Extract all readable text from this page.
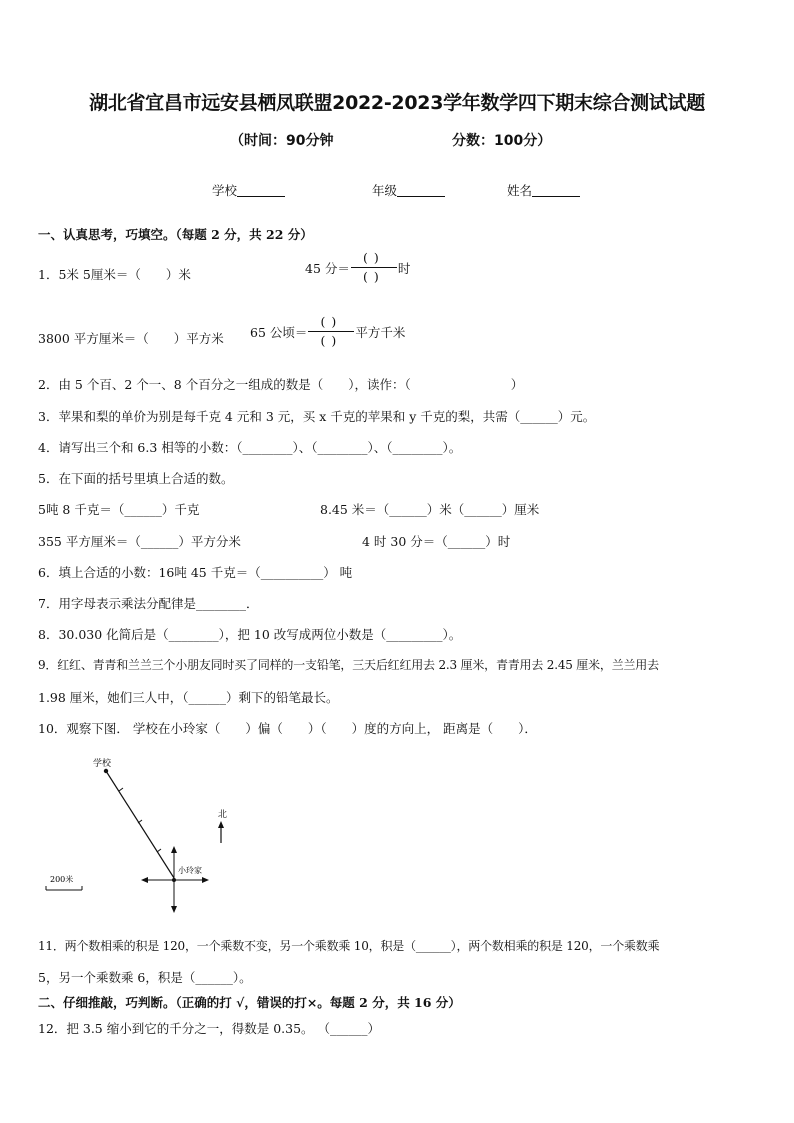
湖北省宜昌市远安县栖凤联盟2022-2023学年数学四下期末综合测试试题
（时间：90分钟	分数：100分）
学校	年级	姓名
一、认真思考，巧填空。（每题 2 分，共 22 分）
1．5米 5厘米＝（　　）米	45 分＝ $\frac{()}{()}$ 时
3800 平方厘米＝（　　）平方米 65 公顷＝ $\frac{()}{()}$ 平方千米
2．由 5 个百、2 个一、8 个百分之一组成的数是（　　），读作：（　　　　　　　　）
3．苹果和梨的单价为别是每千克 4 元和 3 元，买 x 千克的苹果和 y 千克的梨，共需（______）元。
4．请写出三个和 6.3 相等的小数：（________）、（________）、（________）。
5．在下面的括号里填上合适的数。
5吨 8 千克＝（______）千克	8.45 米＝（______）米（______）厘米
355 平方厘米＝（______）平方分米	4 时 30 分＝（______）时
6．填上合适的小数：16吨 45 千克＝（__________） 吨
7．用字母表示乘法分配律是________．
8．30.030 化简后是（________），把 10 改写成两位小数是（_________）。
9．红红、青青和兰兰三个小朋友同时买了同样的一支铅笔，三天后红红用去 2.3 厘米，青青用去 2.45 厘米，兰兰用去
1.98 厘米，她们三人中，（______）剩下的铅笔最长。
10．观察下图． 学校在小玲家（　　）偏（　　）（　　）度的方向上， 距离是（　　）．
学校
小玲家
北
200米
11．两个数相乘的积是 120，一个乘数不变，另一个乘数乘 10，积是（______），两个数相乘的积是 120，一个乘数乘
5，另一个乘数乘 6，积是（______）。
二、仔细推敲，巧判断。（正确的打 √，错误的打×。每题 2 分，共 16 分）
12．把 3.5 缩小到它的千分之一，得数是 0.35。 （______）
